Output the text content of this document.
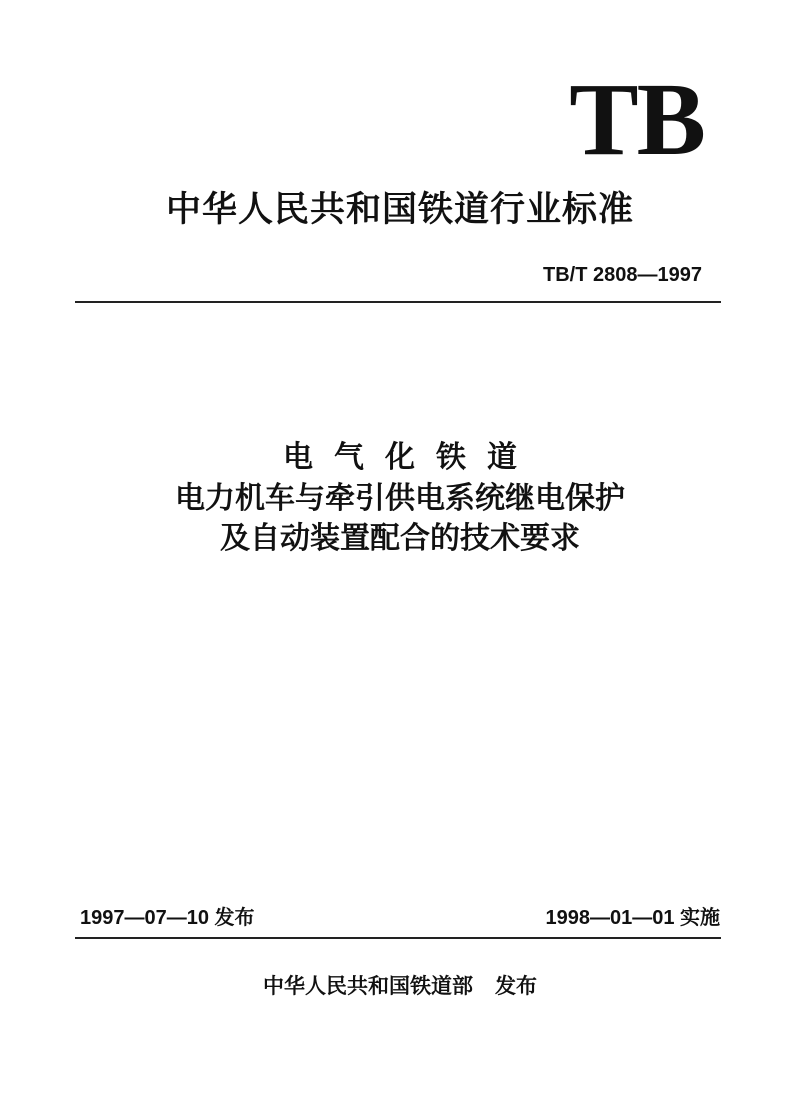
TB
中华人民共和国铁道行业标准
TB/T 2808—1997
电气化铁道
电力机车与牵引供电系统继电保护
及自动装置配合的技术要求
1997—07—10 发布	1998—01—01 实施
中华人民共和国铁道部 发布
